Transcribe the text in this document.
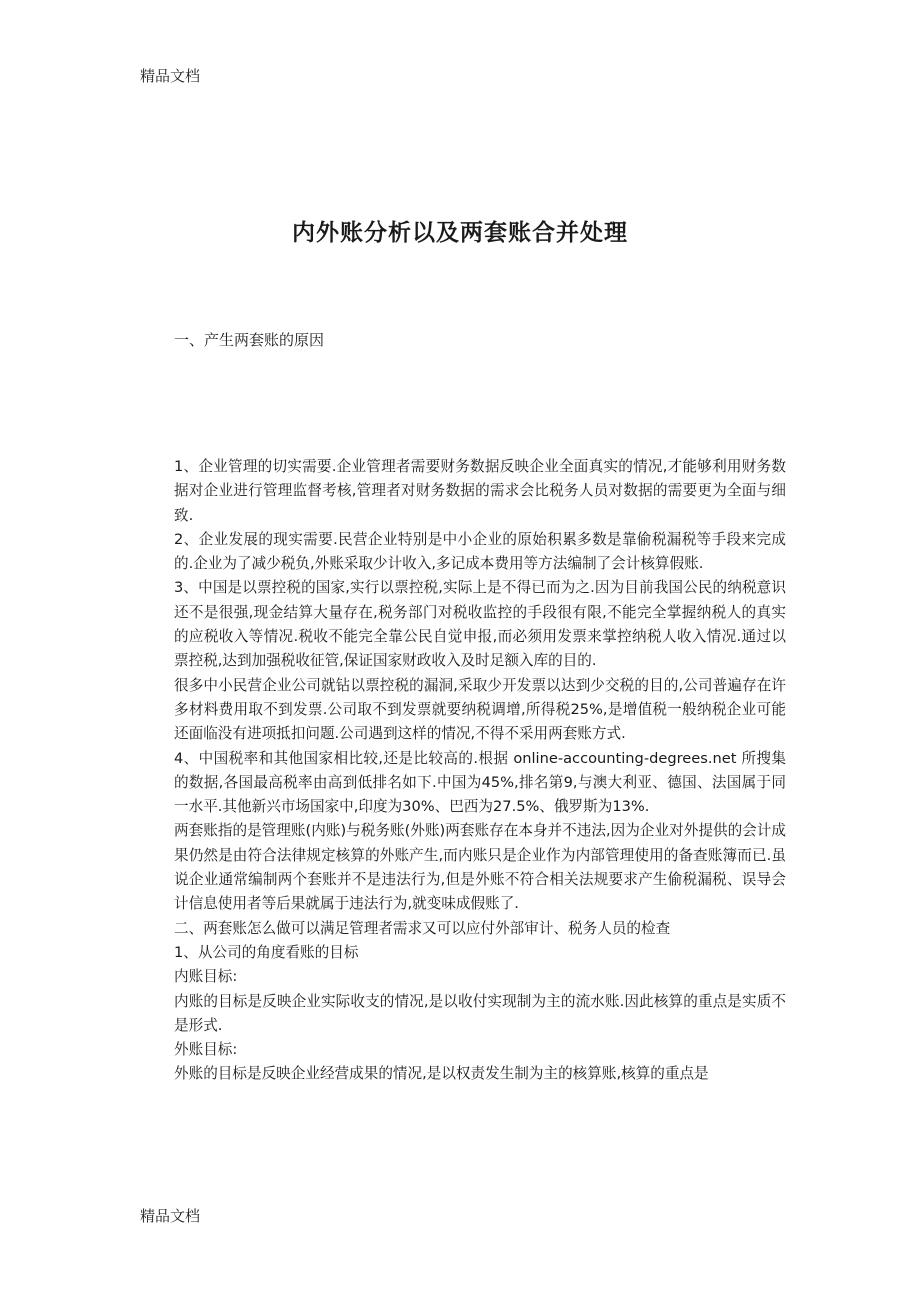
精品文档
内外账分析以及两套账合并处理
一、产生两套账的原因

1、企业管理的切实需要.企业管理者需要财务数据反映企业全面真实的情况,才能够利用财务数据对企业进行管理监督考核,管理者对财务数据的需求会比税务人员对数据的需要更为全面与细致.

2、企业发展的现实需要.民营企业特别是中小企业的原始积累多数是靠偷税漏税等手段来完成的.企业为了减少税负,外账采取少计收入,多记成本费用等方法编制了会计核算假账.

3、中国是以票控税的国家,实行以票控税,实际上是不得已而为之.因为目前我国公民的纳税意识还不是很强,现金结算大量存在,税务部门对税收监控的手段很有限,不能完全掌握纳税人的真实的应税收入等情况.税收不能完全靠公民自觉申报,而必须用发票来掌控纳税人收入情况.通过以票控税,达到加强税收征管,保证国家财政收入及时足额入库的目的.

很多中小民营企业公司就钻以票控税的漏洞,采取少开发票以达到少交税的目的,公司普遍存在许多材料费用取不到发票.公司取不到发票就要纳税调增,所得税25%,是增值税一般纳税企业可能还面临没有进项抵扣问题.公司遇到这样的情况,不得不采用两套账方式.

4、中国税率和其他国家相比较,还是比较高的.根据 online-accounting-degrees.net 所搜集的数据,各国最高税率由高到低排名如下.中国为45%,排名第9,与澳大利亚、德国、法国属于同一水平.其他新兴市场国家中,印度为30%、巴西为27.5%、俄罗斯为13%.

两套账指的是管理账(内账)与税务账(外账)两套账存在本身并不违法,因为企业对外提供的会计成果仍然是由符合法律规定核算的外账产生,而内账只是企业作为内部管理使用的备查账簿而已.虽说企业通常编制两个套账并不是违法行为,但是外账不符合相关法规要求产生偷税漏税、误导会计信息使用者等后果就属于违法行为,就变味成假账了.

二、两套账怎么做可以满足管理者需求又可以应付外部审计、税务人员的检查

1、从公司的角度看账的目标

内账目标:

内账的目标是反映企业实际收支的情况,是以收付实现制为主的流水账.因此核算的重点是实质不是形式.

外账目标:

外账的目标是反映企业经营成果的情况,是以权责发生制为主的核算账,核算的重点是

精品文档
